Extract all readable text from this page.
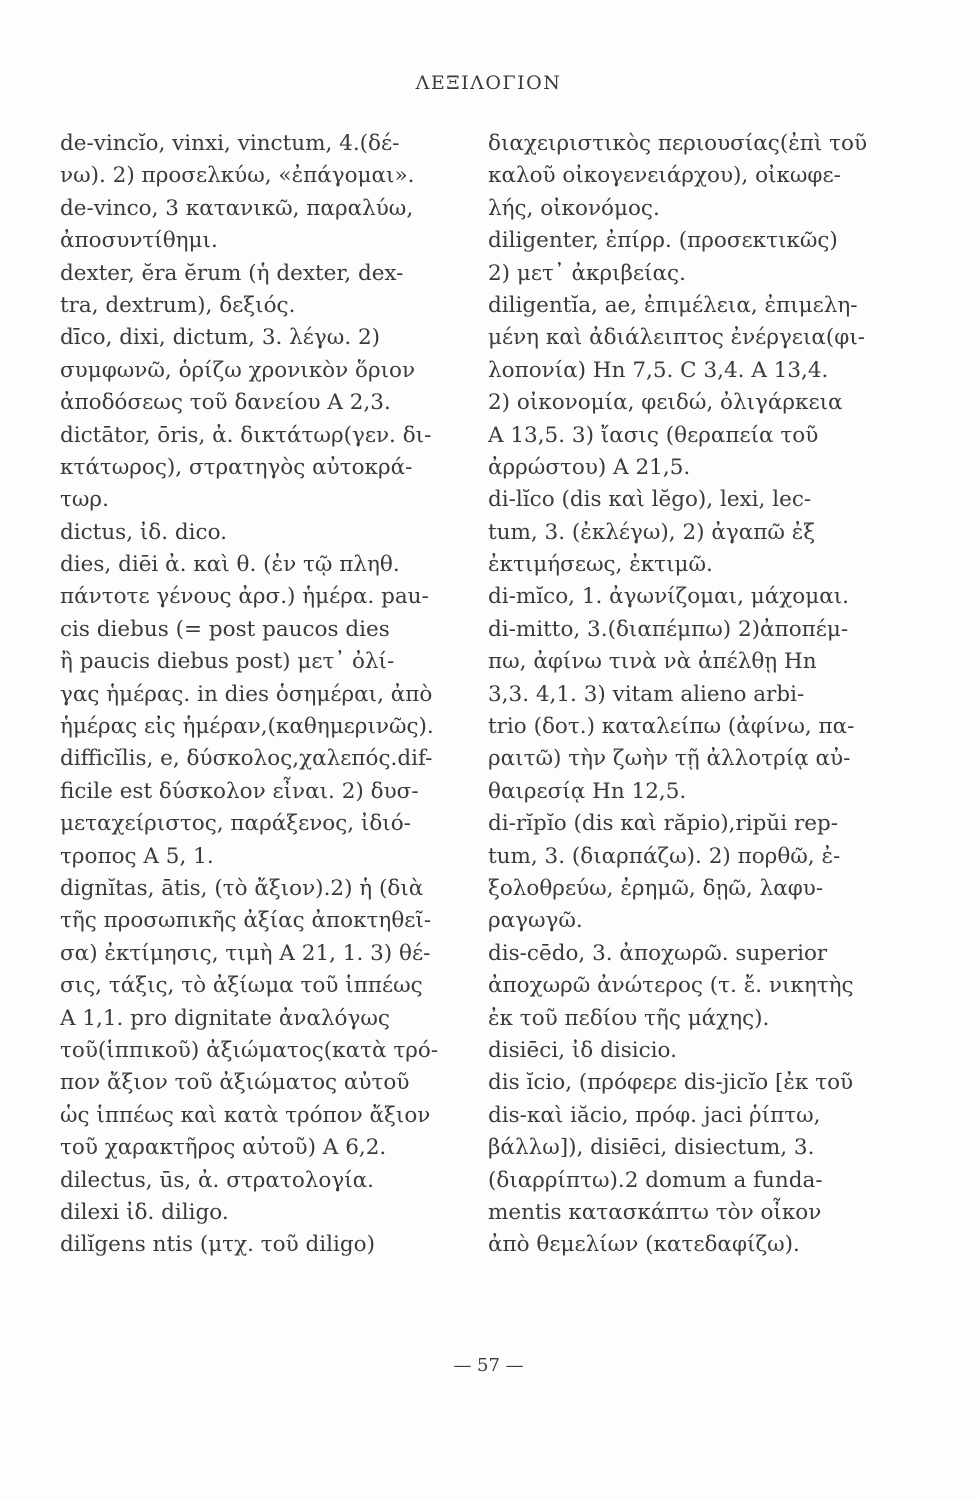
ΛΕΞΙΛΟΓΙΟΝ
de-vincĭo, vinxi, vinctum, 4.(δέ-
νω). 2) προσελκύω, «ἐπάγομαι».
de-vinco, 3 κατανικῶ, παραλύω,
ἀποσυντίθημι.
dexter, ĕra ĕrum (ἡ dexter, dex-
tra, dextrum), δεξιός.
dīco, dixi, dictum, 3. λέγω. 2)
συμφωνῶ, ὁρίζω χρονικὸν ὅριον
ἀποδόσεως τοῦ δανείου A 2,3.
dictātor, ōris, ἀ. δικτάτωρ(γεν. δι-
κτάτωρος), στρατηγὸς αὐτοκρά-
τωρ.
dictus, ἰδ. dico.
dies, diēi ἀ. καὶ θ. (ἐν τῷ πληθ.
πάντοτε γένους ἀρσ.) ἡμέρα. pau-
cis diebus (= post paucos dies
ἢ paucis diebus post) μετ᾽ ὀλί-
γας ἡμέρας. in dies ὁσημέραι, ἀπὸ
ἡμέρας εἰς ἡμέραν,(καθημερινῶς).
difficĭlis, e, δύσκολος,χαλεπός.dif-
ficile est δύσκολον εἶναι. 2) δυσ-
μεταχείριστος, παράξενος, ἰδιό-
τροπος A 5, 1.
dignĭtas, ātis, (τὸ ἄξιον).2) ἡ (διὰ
τῆς προσωπικῆς ἀξίας ἀποκτηθεῖ-
σα) ἐκτίμησις, τιμὴ A 21, 1. 3) θέ-
σις, τάξις, τὸ ἀξίωμα τοῦ ἱππέως
A 1,1. pro dignitate ἀναλόγως
τοῦ(ἱππικοῦ) ἀξιώματος(κατὰ τρό-
πον ἄξιον τοῦ ἀξιώματος αὐτοῦ
ὡς ἱππέως καὶ κατὰ τρόπον ἄξιον
τοῦ χαρακτῆρος αὐτοῦ) A 6,2.
dilectus, ūs, ἀ. στρατολογία.
dilexi ἰδ. diligo.
dilĭgens ntis (μτχ. τοῦ diligo)
διαχειριστικὸς περιουσίας(ἐπὶ τοῦ
καλοῦ οἰκογενειάρχου), οἰκωφε-
λής, οἰκονόμος.
diligenter, ἐπίρρ. (προσεκτικῶς)
2) μετ᾽ ἀκριβείας.
diligentĭa, ae, ἐπιμέλεια, ἐπιμελη-
μένη καὶ ἀδιάλειπτος ἐνέργεια(φι-
λοπονία) Hn 7,5. C 3,4. A 13,4.
2) οἰκονομία, φειδώ, ὀλιγάρκεια
A 13,5. 3) ἴασις (θεραπεία τοῦ
ἀρρώστου) A 21,5.
di-lĭco (dis καὶ lĕgo), lexi, lec-
tum, 3. (ἐκλέγω), 2) ἀγαπῶ ἐξ
ἐκτιμήσεως, ἐκτιμῶ.
di-mĭco, 1. ἀγωνίζομαι, μάχομαι.
di-mitto, 3.(διαπέμπω) 2)ἀποπέμ-
πω, ἀφίνω τινὰ νὰ ἀπέλθῃ Hn
3,3. 4,1. 3) vitam alieno arbi-
trio (δοτ.) καταλείπω (ἀφίνω, πα-
ραιτῶ) τὴν ζωὴν τῇ ἀλλοτρίᾳ αὐ-
θαιρεσίᾳ Hn 12,5.
di-rĭpĭo (dis καὶ răpio),ripŭi rep-
tum, 3. (διαρπάζω). 2) πορθῶ, ἐ-
ξολοθρεύω, ἐρημῶ, δῃῶ, λαφυ-
ραγωγῶ.
dis-cēdo, 3. ἀποχωρῶ. superior
ἀποχωρῶ ἀνώτερος (τ. ἔ. νικητὴς
ἐκ τοῦ πεδίου τῆς μάχης).
disiēci, ἰδ disicio.
dis ĭcio, (πρόφερε dis-jicĭo [ἐκ τοῦ
dis-καὶ iăcio, πρόφ. jaci ῥίπτω,
βάλλω]), disiēci, disiectum, 3.
(διαρρίπτω).2 domum a funda-
mentis κατασκάπτω τὸν οἶκον
ἀπὸ θεμελίων (κατεδαφίζω).
— 57 —
